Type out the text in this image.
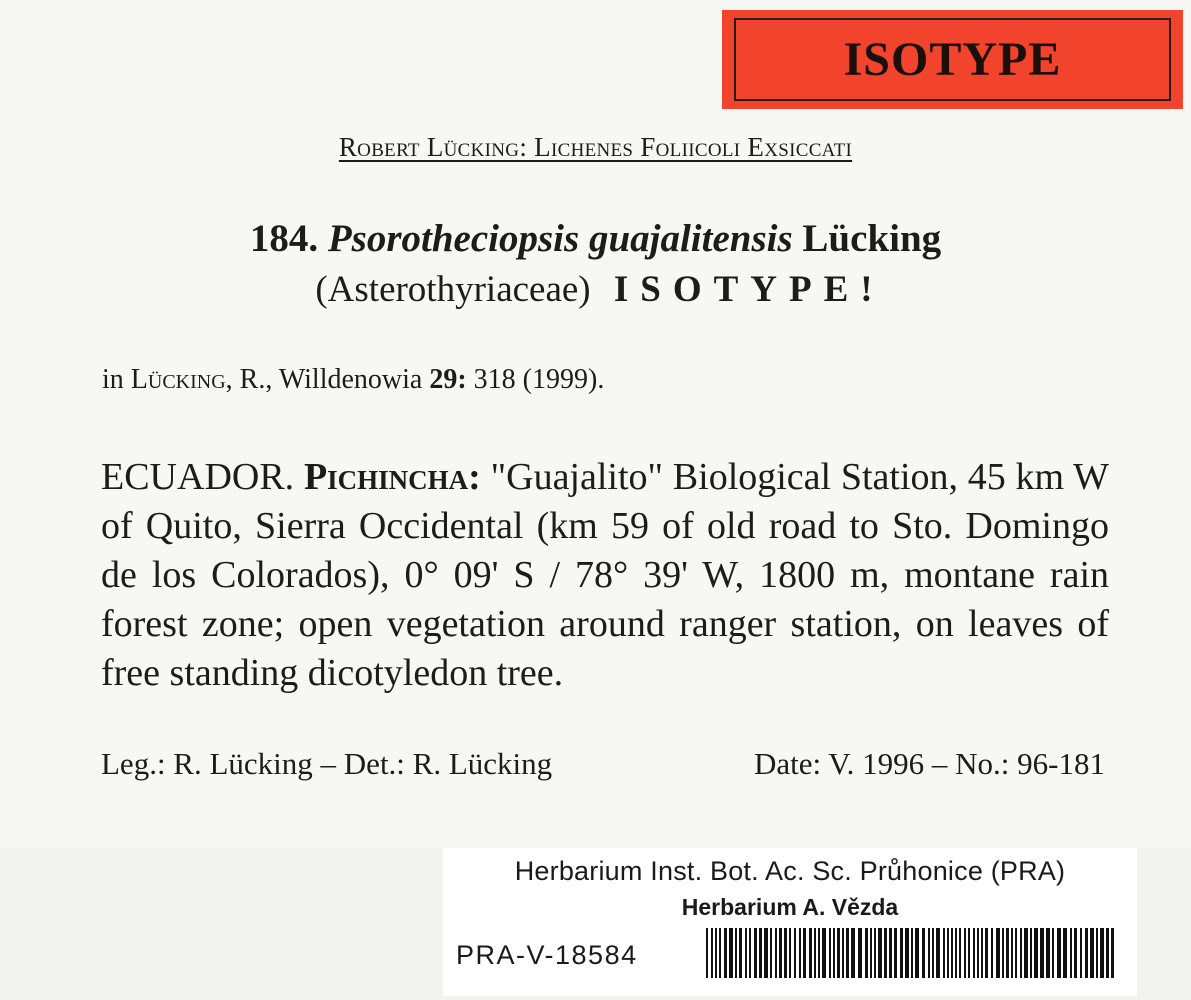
ISOTYPE
Robert Lücking: Lichenes Foliicoli Exsiccati
184. Psorotheciopsis guajalitensis Lücking
(Asterothyriaceae) ISOTYPE!
in Lücking, R., Willdenowia 29: 318 (1999).
ECUADOR. Pichincha: "Guajalito" Biological Station, 45 km W of Quito, Sierra Occidental (km 59 of old road to Sto. Domingo de los Colorados), 0° 09' S / 78° 39' W, 1800 m, montane rain forest zone; open vegetation around ranger station, on leaves of free standing dicotyledon tree.
Leg.: R. Lücking – Det.: R. Lücking	Date: V. 1996 – No.: 96-181
Herbarium Inst. Bot. Ac. Sc. Průhonice (PRA)
Herbarium A. Vězda
PRA-V-18584
